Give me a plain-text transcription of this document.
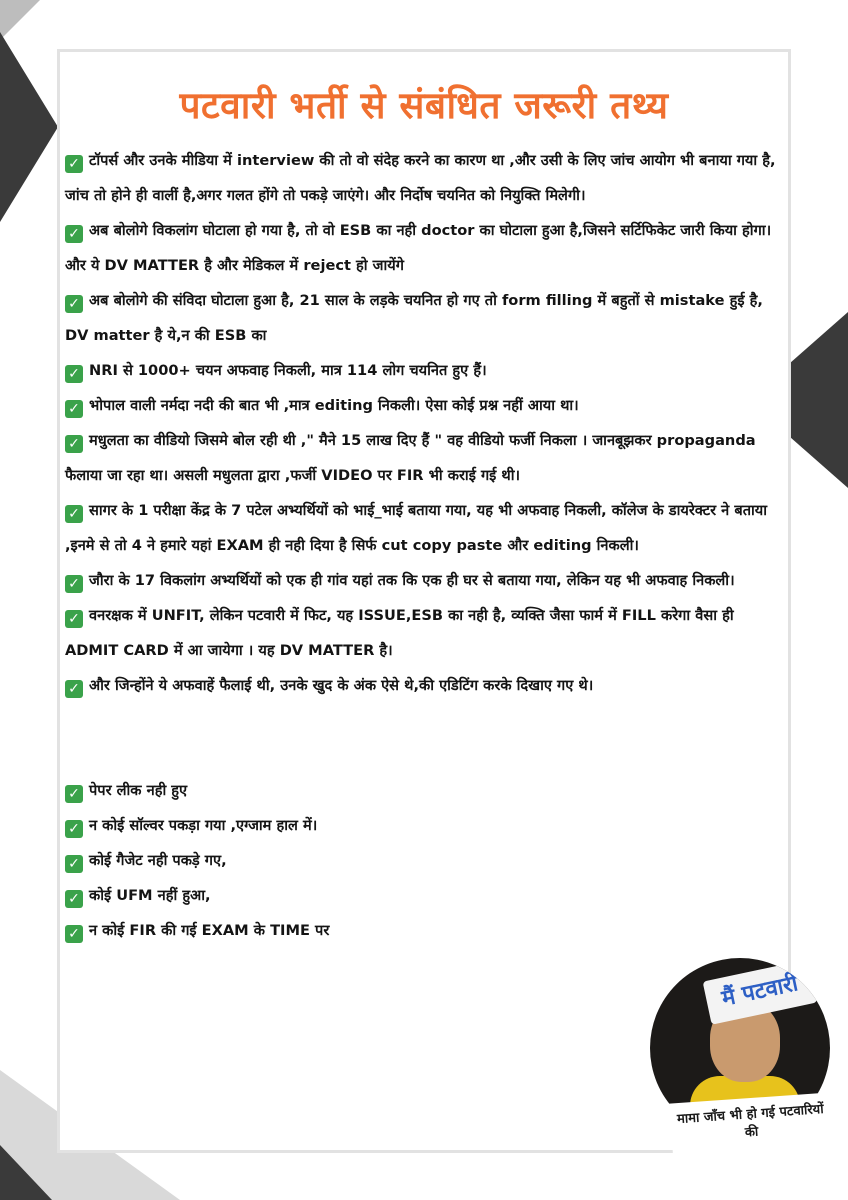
पटवारी भर्ती से संबंधित जरूरी तथ्य
✓ टॉपर्स और उनके मीडिया में interview की तो वो संदेह करने का कारण था ,और उसी के लिए जांच आयोग भी बनाया गया है, जांच तो होने ही वालीं है,अगर गलत होंगे तो पकड़े जाएंगे। और निर्दोष चयनित को नियुक्ति मिलेगी।
✓ अब बोलोगे विकलांग घोटाला हो गया है, तो वो ESB का नही doctor का घोटाला हुआ है,जिसने सर्टिफिकेट जारी किया होगा। और ये DV MATTER है और मेडिकल में reject हो जायेंगे
✓ अब बोलोगे की संविदा घोटाला हुआ है, 21 साल के लड़के चयनित हो गए तो form filling में बहुतों से mistake हुई है, DV matter है ये,न की ESB का
✓ NRI से 1000+ चयन अफवाह निकली, मात्र 114 लोग चयनित हुए हैं।
✓ भोपाल वाली नर्मदा नदी की बात भी ,मात्र editing निकली। ऐसा कोई प्रश्न नहीं आया था।
✓ मधुलता का वीडियो जिसमे बोल रही थी ," मैने 15 लाख दिए हैं " वह वीडियो फर्जी निकला । जानबूझकर propaganda फैलाया जा रहा था। असली मधुलता द्वारा ,फर्जी VIDEO पर FIR भी कराई गई थी।
✓ सागर के 1 परीक्षा केंद्र के 7 पटेल अभ्यर्थियों को भाई_भाई बताया गया, यह भी अफवाह निकली, कॉलेज के डायरेक्टर ने बताया ,इनमे से तो 4 ने हमारे यहां EXAM ही नही दिया है सिर्फ cut copy paste और editing निकली।
✓ जौरा के 17 विकलांग अभ्यर्थियों को एक ही गांव यहां तक कि एक ही घर से बताया गया, लेकिन यह भी अफवाह निकली।
✓ वनरक्षक में UNFIT, लेकिन पटवारी में फिट, यह ISSUE,ESB का नही है, व्यक्ति जैसा फार्म में FILL करेगा वैसा ही ADMIT CARD में आ जायेगा । यह DV MATTER है।
✓ और जिन्होंने ये अफवाहें फैलाई थी, उनके खुद के अंक ऐसे थे,की एडिटिंग करके दिखाए गए थे।
✓ पेपर लीक नही हुए
✓ न कोई सॉल्वर पकड़ा गया ,एग्जाम हाल में।
✓ कोई गैजेट नही पकड़े गए,
✓ कोई UFM नहीं हुआ,
✓ न कोई FIR की गई EXAM के TIME पर
मैं पटवारी
मामा जाँच भी हो गई पटवारियों की
